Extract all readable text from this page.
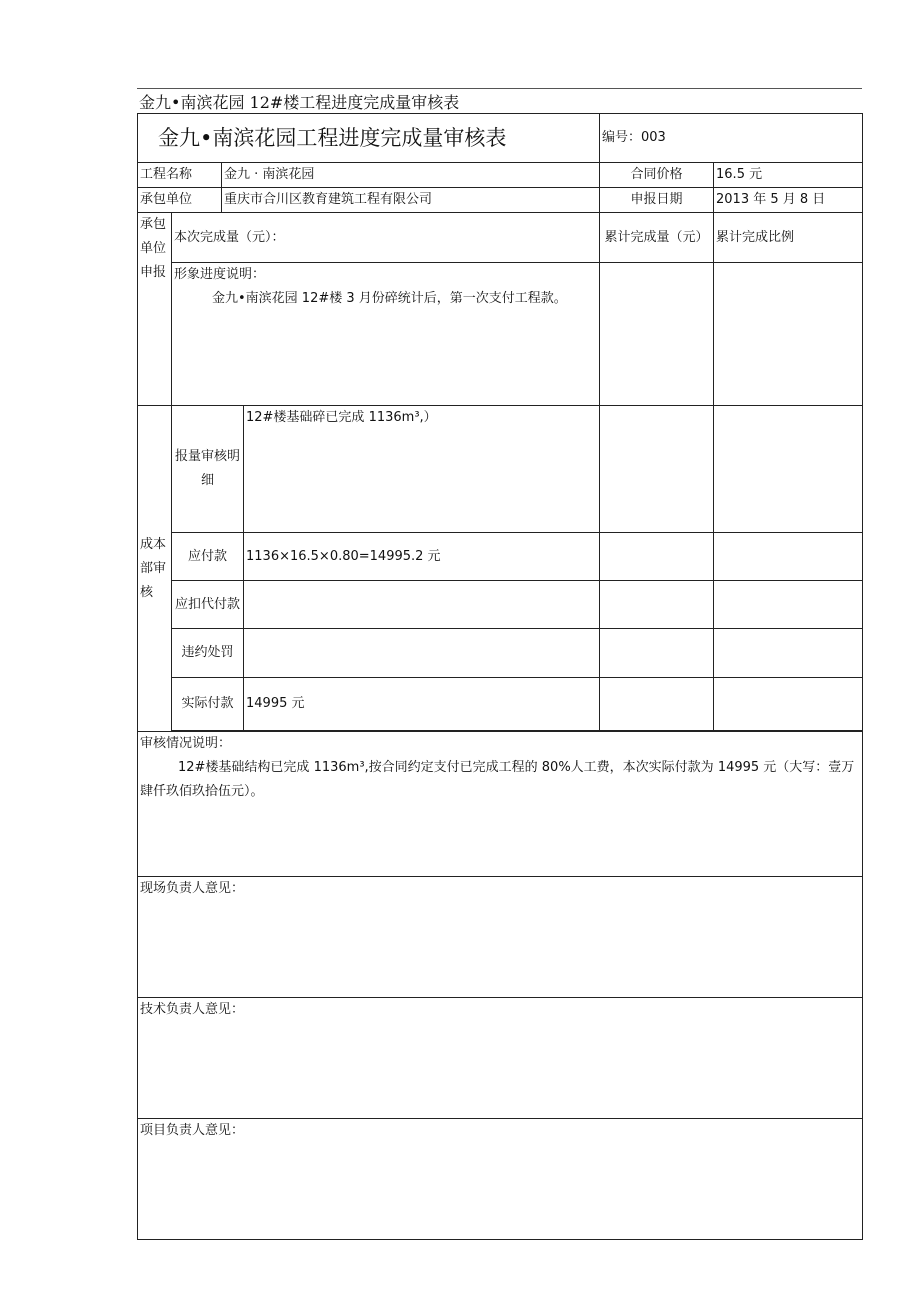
金九•南滨花园 12#楼工程进度完成量审核表
金九•南滨花园工程进度完成量审核表				编号：003	
工程名称		金九 · 南滨花园		合同价格	16.5 元
承包单位		重庆市合川区教育建筑工程有限公司		申报日期	2013 年 5 月 8 日
承包单位申报	本次完成量（元）：			累计完成量（元）	累计完成比例

	形象进度说明：
金九•南滨花园 12#楼 3 月份碎统计后，第一次支付工程款。				

成本部审核	报量审核明细		12#楼基础碎已完成 1136m³,）		
	应付款		1136×16.5×0.80=14995.2 元		
	应扣代付款				
	违约处罚				
	实际付款		14995 元		

审核情况说明：
12#楼基础结构已完成 1136m³,按合同约定支付已完成工程的 80%人工费，本次实际付款为 14995 元（大写：壹万肆仟玖佰玖拾伍元）。					

现场负责人意见：					
技术负责人意见：					
项目负责人意见：					
